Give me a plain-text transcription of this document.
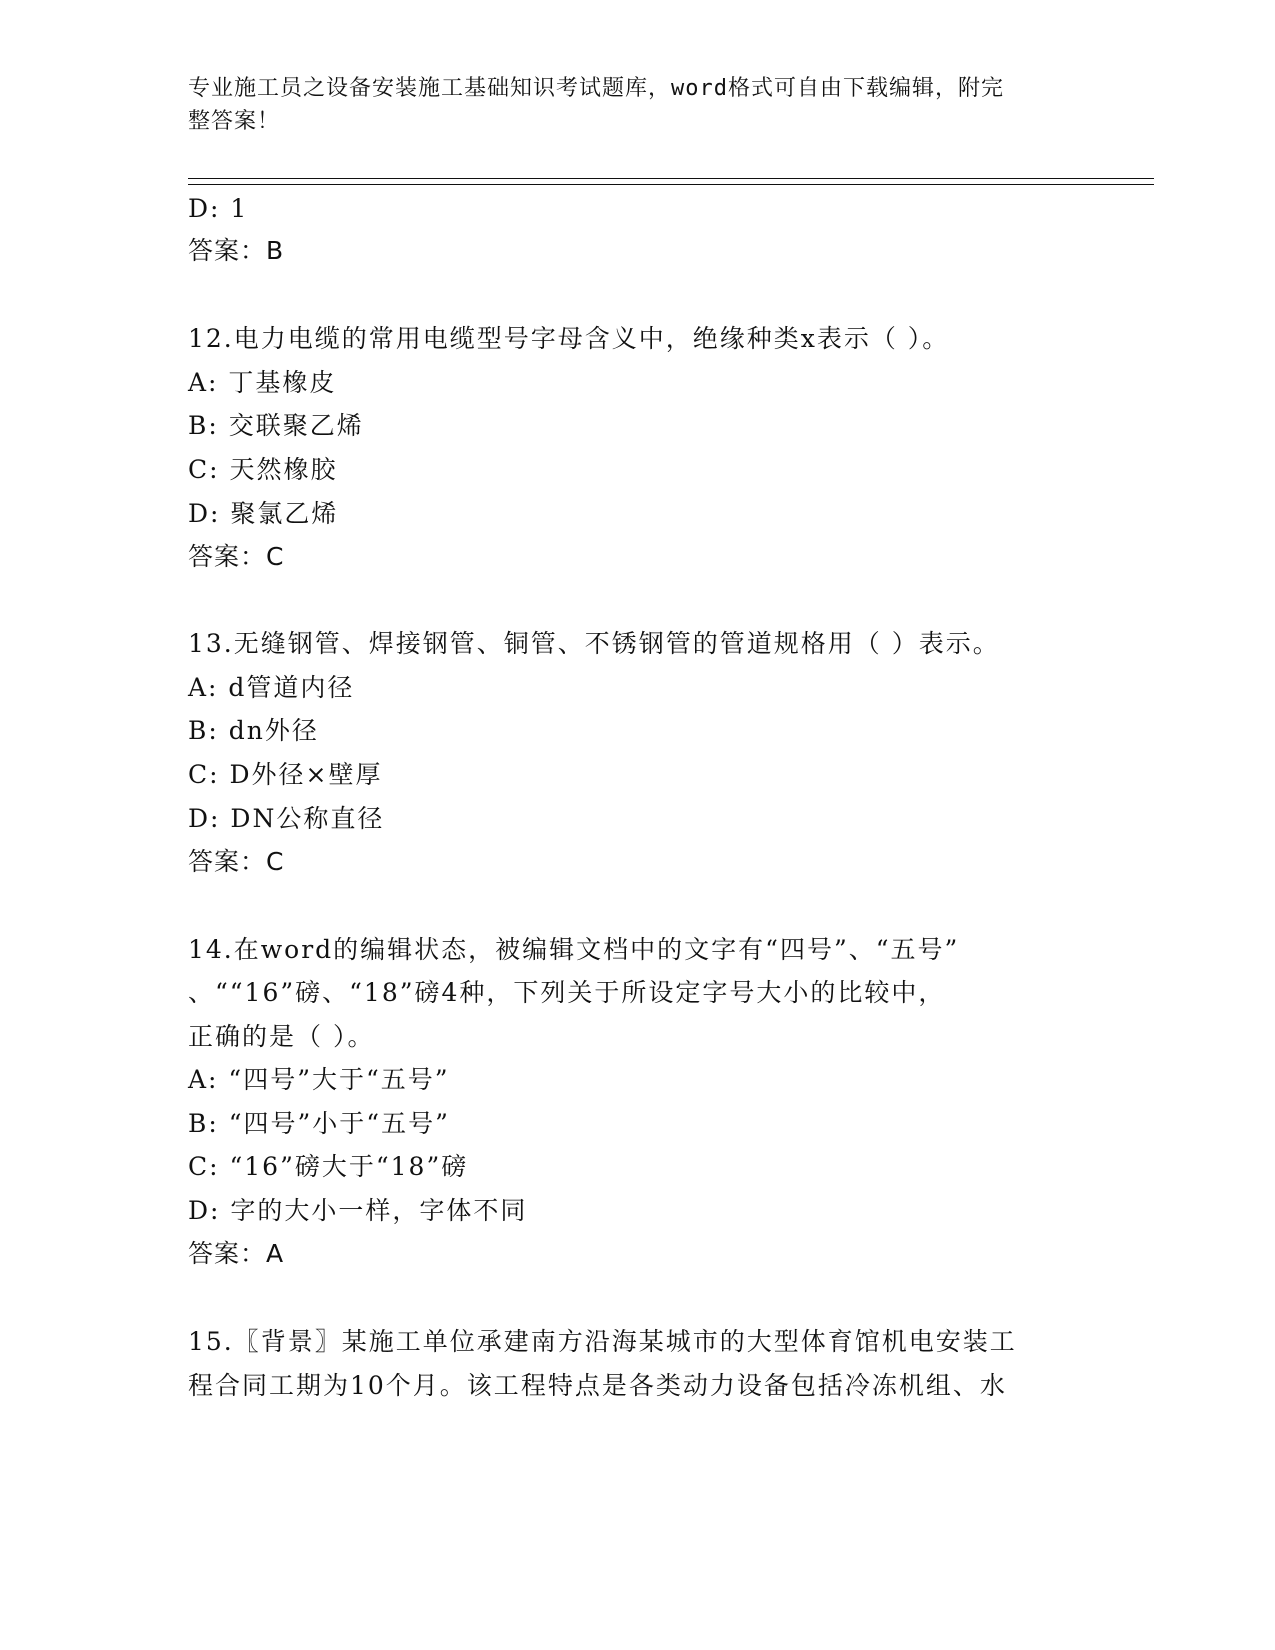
专业施工员之设备安装施工基础知识考试题库，word格式可自由下载编辑，附完
整答案！
D: 1
答案：B
12.电力电缆的常用电缆型号字母含义中，绝缘种类x表示（ ）。
A: 丁基橡皮
B: 交联聚乙烯
C: 天然橡胶
D: 聚氯乙烯
答案：C
13.无缝钢管、焊接钢管、铜管、不锈钢管的管道规格用（ ）表示。
A: d管道内径
B: dn外径
C: D外径×壁厚
D: DN公称直径
答案：C
14.在word的编辑状态，被编辑文档中的文字有“四号”、“五号”
、““16”磅、“18”磅4种，下列关于所设定字号大小的比较中，
正确的是（ ）。
A: “四号”大于“五号”
B: “四号”小于“五号”
C: “16”磅大于“18”磅
D: 字的大小一样，字体不同
答案：A
15.〖背景〗某施工单位承建南方沿海某城市的大型体育馆机电安装工
程合同工期为10个月。该工程特点是各类动力设备包括冷冻机组、水
